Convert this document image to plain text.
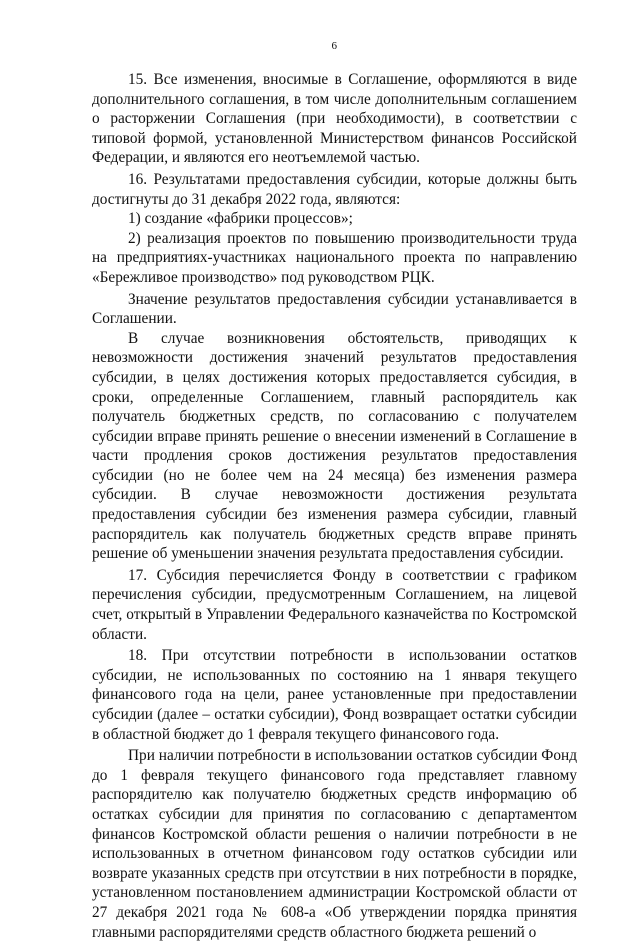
6

15. Все изменения, вносимые в Соглашение, оформляются в виде дополнительного соглашения, в том числе дополнительным соглашением о расторжении Соглашения (при необходимости), в соответствии с типовой формой, установленной Министерством финансов Российской Федерации, и являются его неотъемлемой частью.

16. Результатами предоставления субсидии, которые должны быть достигнуты до 31 декабря 2022 года, являются:

1) создание «фабрики процессов»;

2) реализация проектов по повышению производительности труда на предприятиях-участниках национального проекта по направлению «Бережливое производство» под руководством РЦК.

Значение результатов предоставления субсидии устанавливается в Соглашении.

В случае возникновения обстоятельств, приводящих к невозможности достижения значений результатов предоставления субсидии, в целях достижения которых предоставляется субсидия, в сроки, определенные Соглашением, главный распорядитель как получатель бюджетных средств, по согласованию с получателем субсидии вправе принять решение о внесении изменений в Соглашение в части продления сроков достижения результатов предоставления субсидии (но не более чем на 24 месяца) без изменения размера субсидии. В случае невозможности достижения результата предоставления субсидии без изменения размера субсидии, главный распорядитель как получатель бюджетных средств вправе принять решение об уменьшении значения результата предоставления субсидии.

17. Субсидия перечисляется Фонду в соответствии с графиком перечисления субсидии, предусмотренным Соглашением, на лицевой счет, открытый в Управлении Федерального казначейства по Костромской области.

18. При отсутствии потребности в использовании остатков субсидии, не использованных по состоянию на 1 января текущего финансового года на цели, ранее установленные при предоставлении субсидии (далее – остатки субсидии), Фонд возвращает остатки субсидии в областной бюджет до 1 февраля текущего финансового года.

При наличии потребности в использовании остатков субсидии Фонд до 1 февраля текущего финансового года представляет главному распорядителю как получателю бюджетных средств информацию об остатках субсидии для принятия по согласованию с департаментом финансов Костромской области решения о наличии потребности в не использованных в отчетном финансовом году остатков субсидии или возврате указанных средств при отсутствии в них потребности в порядке, установленном постановлением администрации Костромской области от 27 декабря 2021 года № 608-а «Об утверждении порядка принятия главными распорядителями средств областного бюджета решений о
